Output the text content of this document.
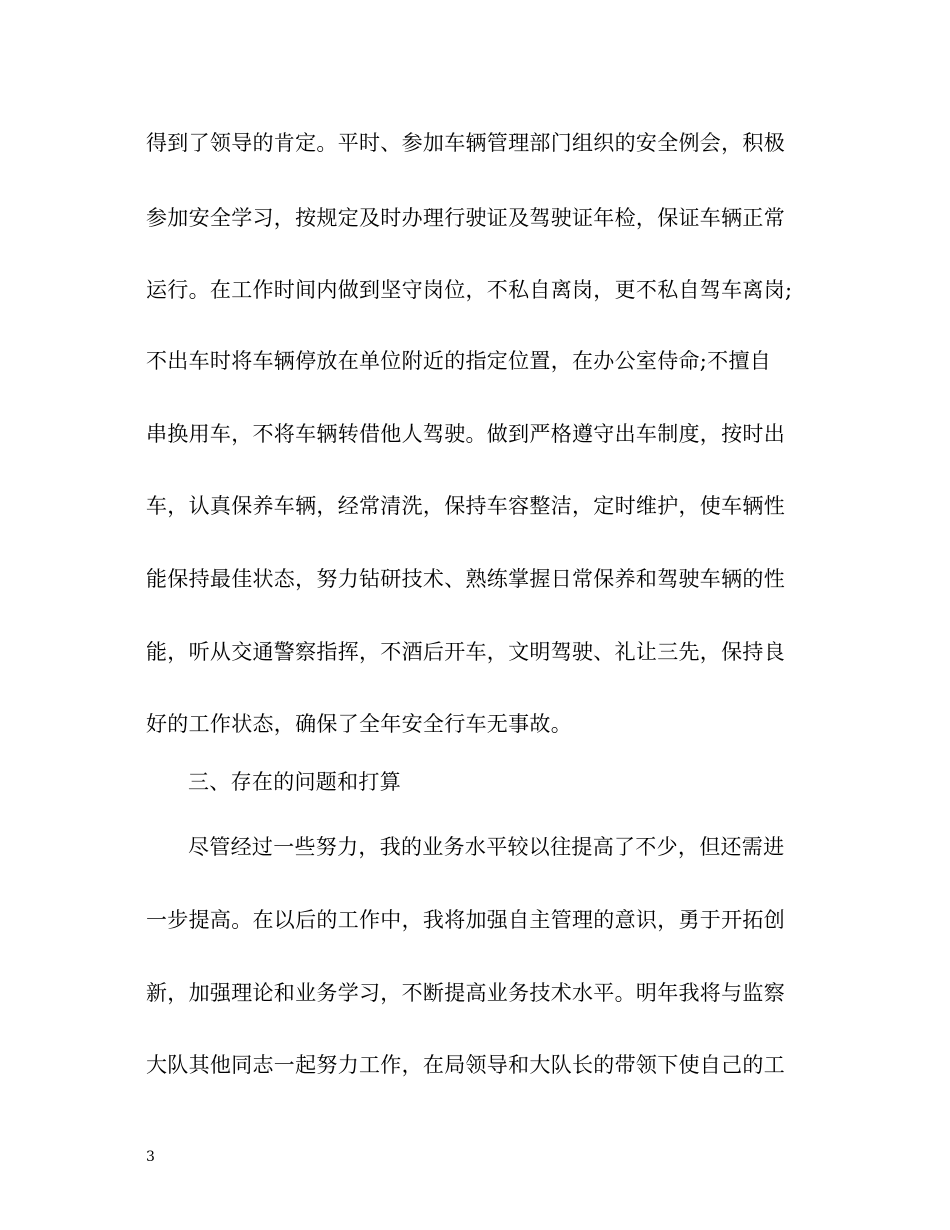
得到了领导的肯定。平时、参加车辆管理部门组织的安全例会，积极
参加安全学习，按规定及时办理行驶证及驾驶证年检，保证车辆正常
运行。在工作时间内做到坚守岗位，不私自离岗，更不私自驾车离岗;
不出车时将车辆停放在单位附近的指定位置，在办公室侍命;不擅自
串换用车，不将车辆转借他人驾驶。做到严格遵守出车制度，按时出
车，认真保养车辆，经常清洗，保持车容整洁，定时维护，使车辆性
能保持最佳状态，努力钻研技术、熟练掌握日常保养和驾驶车辆的性
能，听从交通警察指挥，不酒后开车，文明驾驶、礼让三先，保持良
好的工作状态，确保了全年安全行车无事故。
三、存在的问题和打算
尽管经过一些努力，我的业务水平较以往提高了不少，但还需进
一步提高。在以后的工作中，我将加强自主管理的意识，勇于开拓创
新，加强理论和业务学习，不断提高业务技术水平。明年我将与监察
大队其他同志一起努力工作，在局领导和大队长的带领下使自己的工
3
